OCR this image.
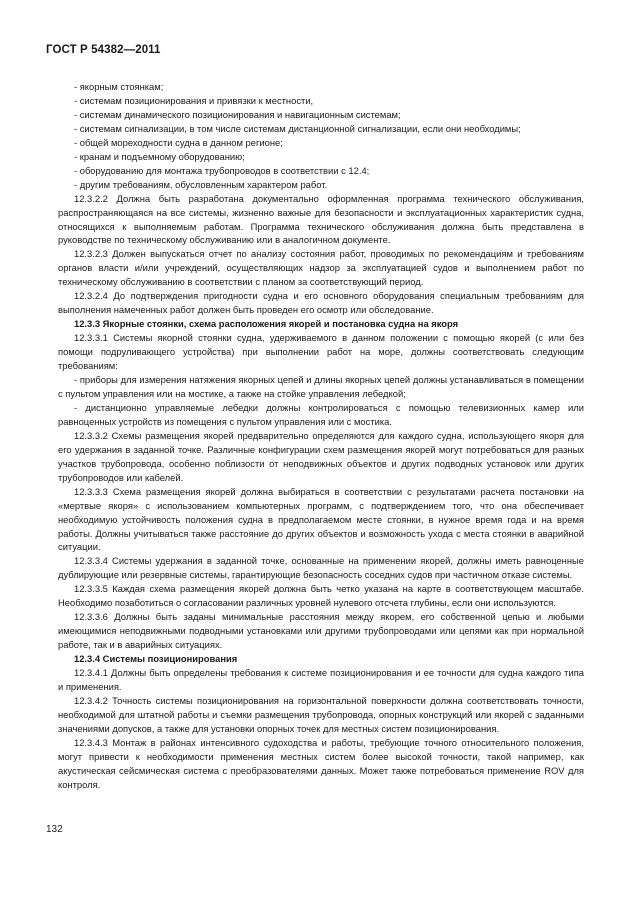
ГОСТ Р 54382—2011

- якорным стоянкам;

- системам позиционирования и привязки к местности,

- системам динамического позиционирования и навигационным системам;

- системам сигнализации, в том числе системам дистанционной сигнализации, если они необходимы;

- общей мореходности судна в данном регионе;

- кранам и подъемному оборудованию;

- оборудованию для монтажа трубопроводов в соответствии с 12.4;

- другим требованиям, обусловленным характером работ.

12.3.2.2 Должна быть разработана документально оформленная программа технического обслуживания, распространяющаяся на все системы, жизненно важные для безопасности и эксплуатационных характеристик судна, относящихся к выполняемым работам. Программа технического обслуживания должна быть представлена в руководстве по техническому обслуживанию или в аналогичном документе.

12.3.2.3 Должен выпускаться отчет по анализу состояния работ, проводимых по рекомендациям и требованиям органов власти и/или учреждений, осуществляющих надзор за эксплуатацией судов и выполнением работ по техническому обслуживанию в соответствии с планом за соответствующий период.

12.3.2.4 До подтверждения пригодности судна и его основного оборудования специальным требованиям для выполнения намеченных работ должен быть проведен его осмотр или обследование.

12.3.3 Якорные стоянки, схема расположения якорей и постановка судна на якоря

12.3.3.1 Системы якорной стоянки судна, удерживаемого в данном положении с помощью якорей (с или без помощи подруливающего устройства) при выполнении работ на море, должны соответствовать следующим требованиям:

- приборы для измерения натяжения якорных цепей и длины якорных цепей должны устанавливаться в помещении с пультом управления или на мостике, а также на стойке управления лебедкой;

- дистанционно управляемые лебедки должны контролироваться с помощью телевизионных камер или равноценных устройств из помещения с пультом управления или с мостика.

12.3.3.2 Схемы размещения якорей предварительно определяются для каждого судна, использующего якоря для его удержания в заданной точке. Различные конфигурации схем размещения якорей могут потребоваться для разных участков трубопровода, особенно поблизости от неподвижных объектов и других подводных установок или других трубопроводов или кабелей.

12.3.3.3 Схема размещения якорей должна выбираться в соответствии с результатами расчета постановки на «мертвые якоря» с использованием компьютерных программ, с подтверждением того, что она обеспечивает необходимую устойчивость положения судна в предполагаемом месте стоянки, в нужное время года и на время работы. Должны учитываться также расстояние до других объектов и возможность ухода с места стоянки в аварийной ситуации.

12.3.3.4 Системы удержания в заданной точке, основанные на применении якорей, должны иметь равноценные дублирующие или резервные системы, гарантирующие безопасность соседних судов при частичном отказе системы.

12.3.3.5 Каждая схема размещения якорей должна быть четко указана на карте в соответствующем масштабе. Необходимо позаботиться о согласовании различных уровней нулевого отсчета глубины, если они используются.

12.3.3.6 Должны быть заданы минимальные расстояния между якорем, его собственной цепью и любыми имеющимися неподвижными подводными установками или другими трубопроводами или цепями как при нормальной работе, так и в аварийных ситуациях.

12.3.4 Системы позиционирования

12.3.4.1 Должны быть определены требования к системе позиционирования и ее точности для судна каждого типа и применения.

12.3.4.2 Точность системы позиционирования на горизонтальной поверхности должна соответствовать точности, необходимой для штатной работы и съемки размещения трубопровода, опорных конструкций или якорей с заданными значениями допусков, а также для установки опорных точек для местных систем позиционирования.

12.3.4.3 Монтаж в районах интенсивного судоходства и работы, требующие точного относительного положения, могут привести к необходимости применения местных систем более высокой точности, такой например, как акустическая сейсмическая система с преобразователями данных. Может также потребоваться применение ROV для контроля.

132
